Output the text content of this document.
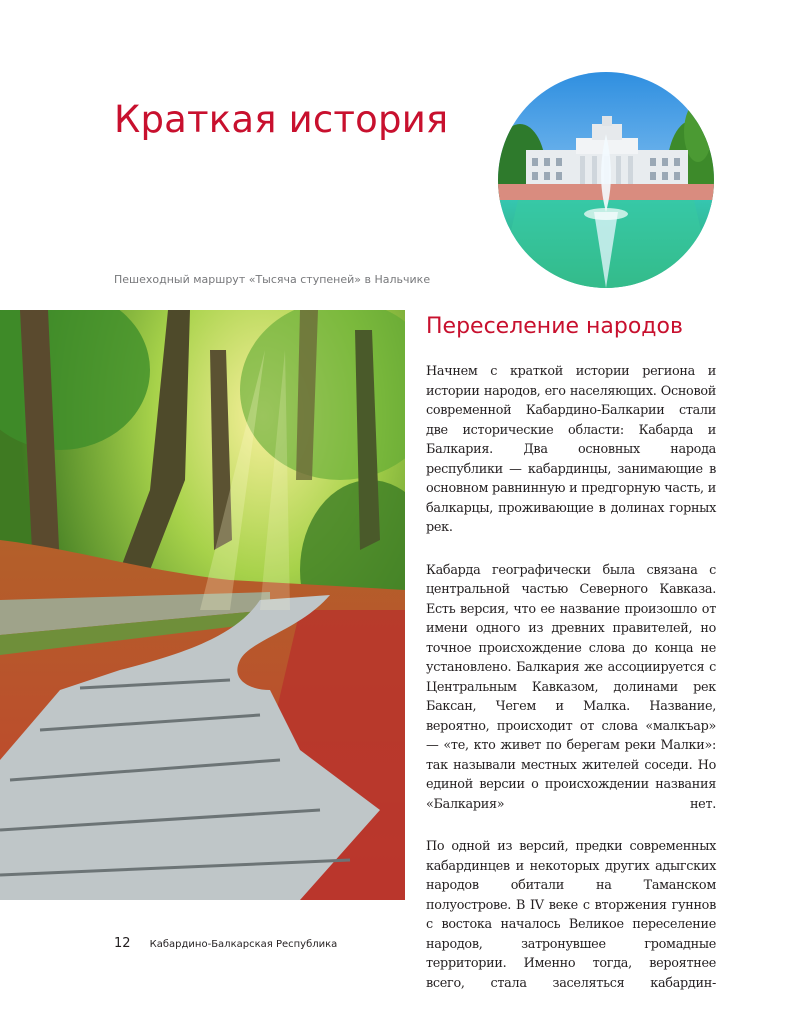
Краткая история
Пешеходный маршрут «Тысяча ступеней» в Нальчике
Переселение народов

Начнем с краткой истории региона и истории народов, его населяющих. Основой современной Кабардино-Балкарии стали две исторические области: Кабарда и Балкария. Два основных народа республики — кабардинцы, занимающие в основном равнинную и предгорную часть, и балкарцы, проживающие в долинах горных рек.

Кабарда географически была связана с центральной частью Северного Кавказа. Есть версия, что ее название произошло от имени одного из древних правителей, но точное происхождение слова до конца не установлено. Балкария же ассоциируется с Центральным Кавказом, долинами рек Баксан, Чегем и Малка. Название, вероятно, происходит от слова «малкъар» — «те, кто живет по берегам реки Малки»: так называли местных жителей соседи. Но единой версии о происхождении названия «Балкария» нет.

По одной из версий, предки современных кабардинцев и некоторых других адыгских народов обитали на Таманском полуострове. В IV веке с вторжения гуннов с востока началось Великое переселение народов, затронувшее громадные территории. Именно тогда, вероятнее всего, стала заселяться кабардин-

12 Кабардино-Балкарская Республика
